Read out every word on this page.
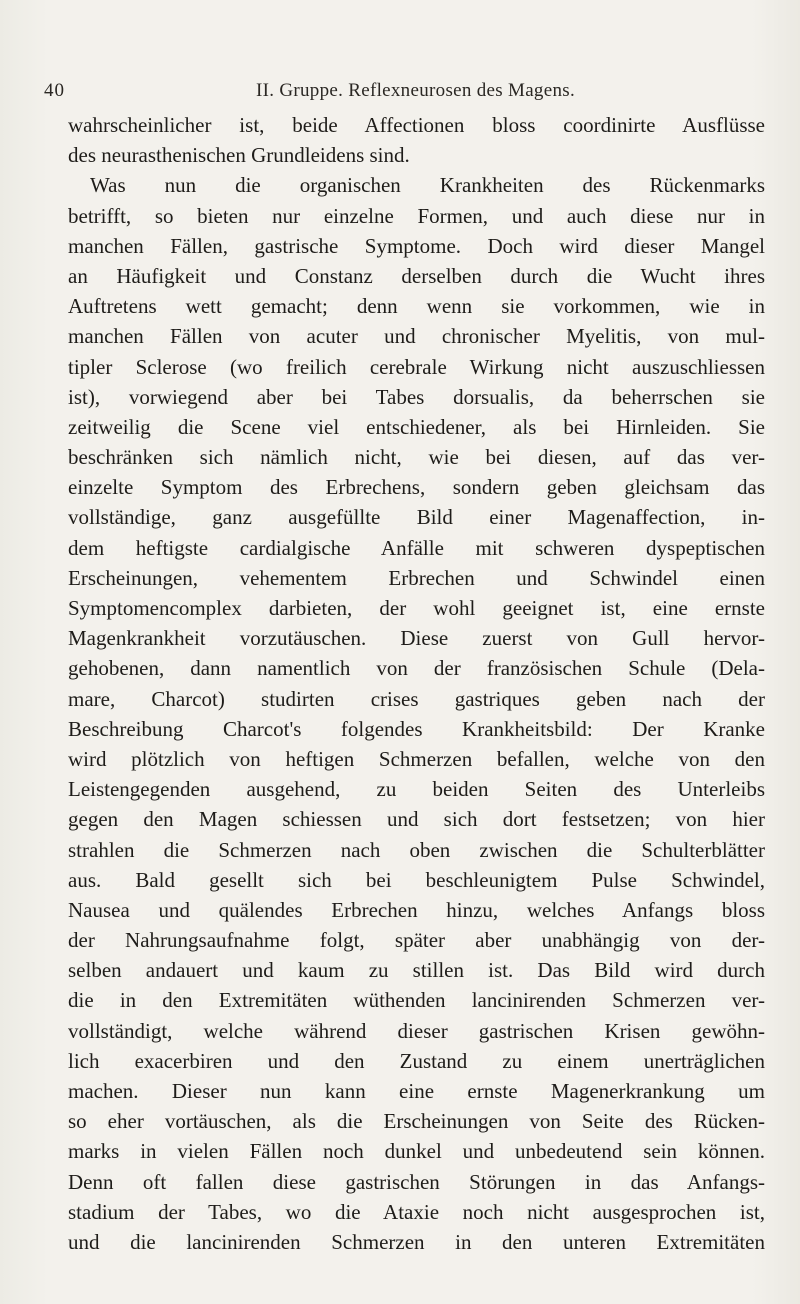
40	II. Gruppe. Reflexneurosen des Magens.
wahrscheinlicher ist, beide Affectionen bloss coordinirte Ausflüsse
des neurasthenischen Grundleidens sind.
Was nun die organischen Krankheiten des Rückenmarks
betrifft, so bieten nur einzelne Formen, und auch diese nur in
manchen Fällen, gastrische Symptome. Doch wird dieser Mangel
an Häufigkeit und Constanz derselben durch die Wucht ihres
Auftretens wett gemacht; denn wenn sie vorkommen, wie in
manchen Fällen von acuter und chronischer Myelitis, von mul-
tipler Sclerose (wo freilich cerebrale Wirkung nicht auszuschliessen
ist), vorwiegend aber bei Tabes dorsualis, da beherrschen sie
zeitweilig die Scene viel entschiedener, als bei Hirnleiden. Sie
beschränken sich nämlich nicht, wie bei diesen, auf das ver-
einzelte Symptom des Erbrechens, sondern geben gleichsam das
vollständige, ganz ausgefüllte Bild einer Magenaffection, in-
dem heftigste cardialgische Anfälle mit schweren dyspeptischen
Erscheinungen, vehementem Erbrechen und Schwindel einen
Symptomencomplex darbieten, der wohl geeignet ist, eine ernste
Magenkrankheit vorzutäuschen. Diese zuerst von Gull hervor-
gehobenen, dann namentlich von der französischen Schule (Dela-
mare, Charcot) studirten crises gastriques geben nach der
Beschreibung Charcot's folgendes Krankheitsbild: Der Kranke
wird plötzlich von heftigen Schmerzen befallen, welche von den
Leistengegenden ausgehend, zu beiden Seiten des Unterleibs
gegen den Magen schiessen und sich dort festsetzen; von hier
strahlen die Schmerzen nach oben zwischen die Schulterblätter
aus. Bald gesellt sich bei beschleunigtem Pulse Schwindel,
Nausea und quälendes Erbrechen hinzu, welches Anfangs bloss
der Nahrungsaufnahme folgt, später aber unabhängig von der-
selben andauert und kaum zu stillen ist. Das Bild wird durch
die in den Extremitäten wüthenden lancinirenden Schmerzen ver-
vollständigt, welche während dieser gastrischen Krisen gewöhn-
lich exacerbiren und den Zustand zu einem unerträglichen
machen. Dieser nun kann eine ernste Magenerkrankung um
so eher vortäuschen, als die Erscheinungen von Seite des Rücken-
marks in vielen Fällen noch dunkel und unbedeutend sein können.
Denn oft fallen diese gastrischen Störungen in das Anfangs-
stadium der Tabes, wo die Ataxie noch nicht ausgesprochen ist,
und die lancinirenden Schmerzen in den unteren Extremitäten
